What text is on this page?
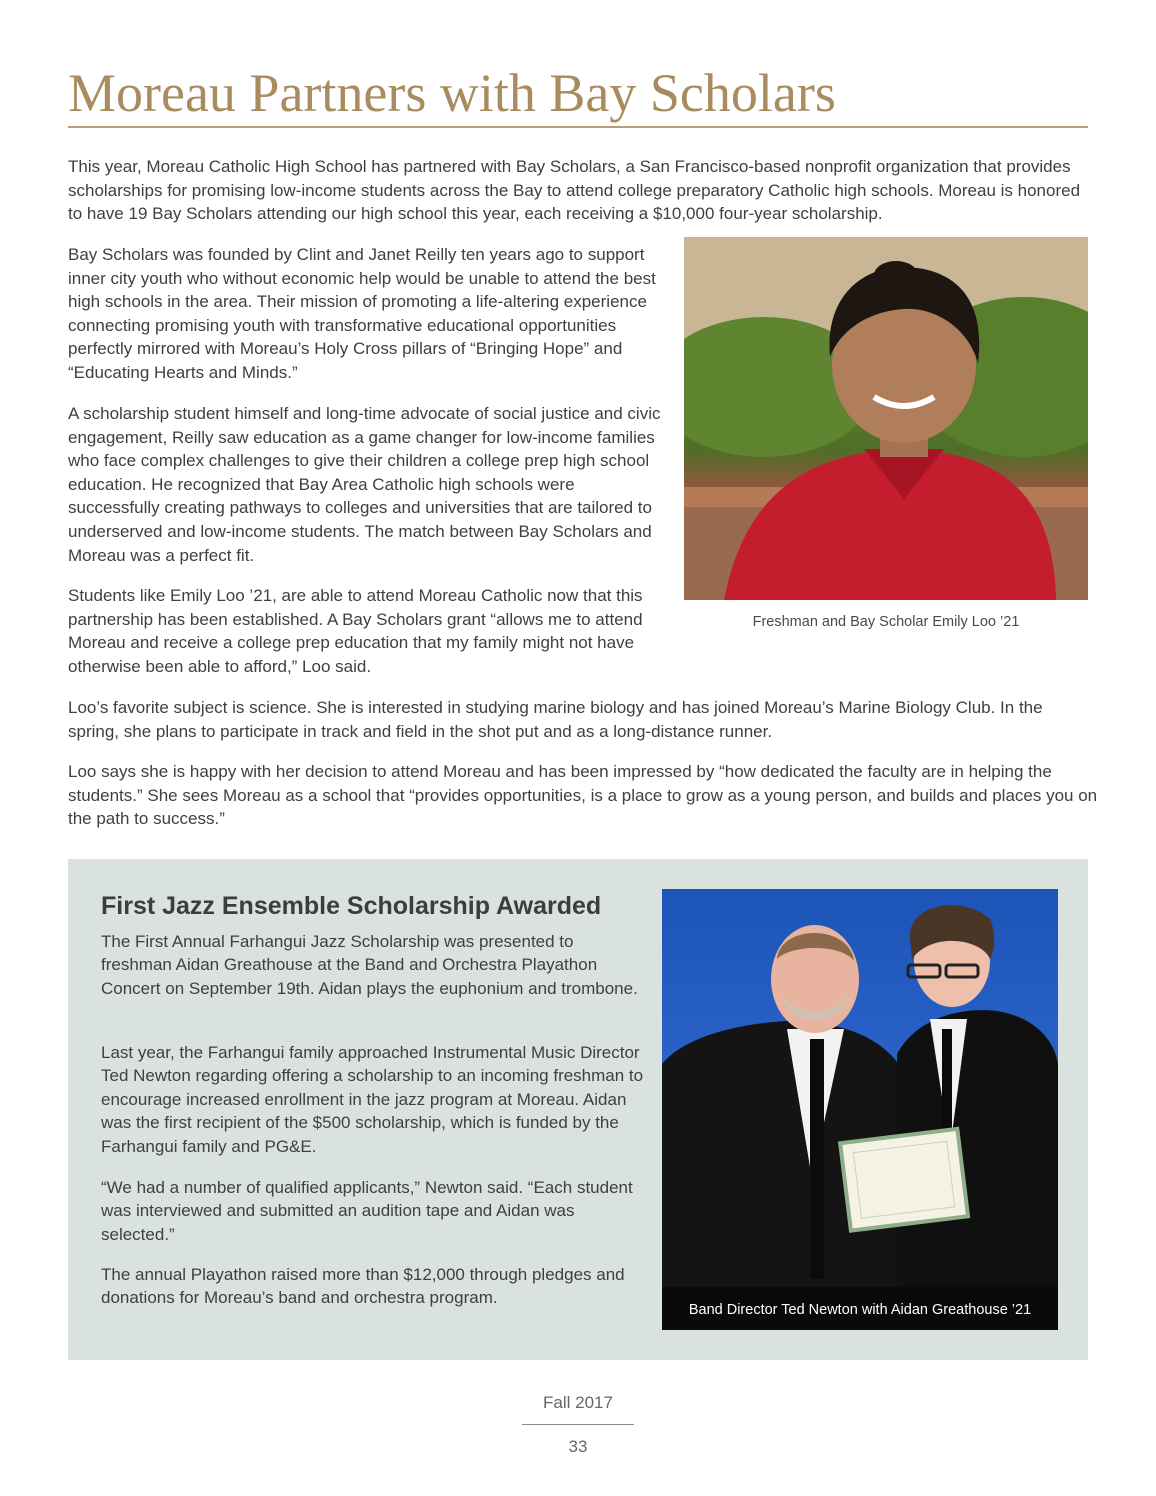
Moreau Partners with Bay Scholars

This year, Moreau Catholic High School has partnered with Bay Scholars, a San Francisco-based nonprofit organization that provides scholarships for promising low-income students across the Bay to attend college preparatory Catholic high schools. Moreau is honored to have 19 Bay Scholars attending our high school this year, each receiving a $10,000 four-year scholarship.

Bay Scholars was founded by Clint and Janet Reilly ten years ago to support inner city youth who without economic help would be unable to attend the best high schools in the area. Their mission of promoting a life-altering experience connecting promising youth with transformative educational opportunities perfectly mirrored with Moreau’s Holy Cross pillars of “Bringing Hope” and “Educating Hearts and Minds.”

A scholarship student himself and long-time advocate of social justice and civic engagement, Reilly saw education as a game changer for low-income families who face complex challenges to give their children a college prep high school education. He recognized that Bay Area Catholic high schools were successfully creating pathways to colleges and universities that are tailored to underserved and low-income students. The match between Bay Scholars and Moreau was a perfect fit.

Students like Emily Loo ’21, are able to attend Moreau Catholic now that this partnership has been established. A Bay Scholars grant “allows me to attend Moreau and receive a college prep education that my family might not have otherwise been able to afford,” Loo said.

Freshman and Bay Scholar Emily Loo ’21

Loo’s favorite subject is science. She is interested in studying marine biology and has joined Moreau’s Marine Biology Club. In the spring, she plans to participate in track and field in the shot put and as a long-distance runner.

Loo says she is happy with her decision to attend Moreau and has been impressed by “how dedicated the faculty are in helping the students.” She sees Moreau as a school that “provides opportunities, is a place to grow as a young person, and builds and places you on the path to success.”

First Jazz Ensemble Scholarship Awarded

The First Annual Farhangui Jazz Scholarship was presented to freshman Aidan Greathouse at the Band and Orchestra Playathon Concert on September 19th. Aidan plays the euphonium and trombone.

Last year, the Farhangui family approached Instrumental Music Director Ted Newton regarding offering a scholarship to an incoming freshman to encourage increased enrollment in the jazz program at Moreau. Aidan was the first recipient of the $500 scholarship, which is funded by the Farhangui family and PG&E.

“We had a number of qualified applicants,” Newton said. “Each student was interviewed and submitted an audition tape and Aidan was selected.”

The annual Playathon raised more than $12,000 through pledges and donations for Moreau’s band and orchestra program.

Band Director Ted Newton with Aidan Greathouse ’21
Fall 2017
33
